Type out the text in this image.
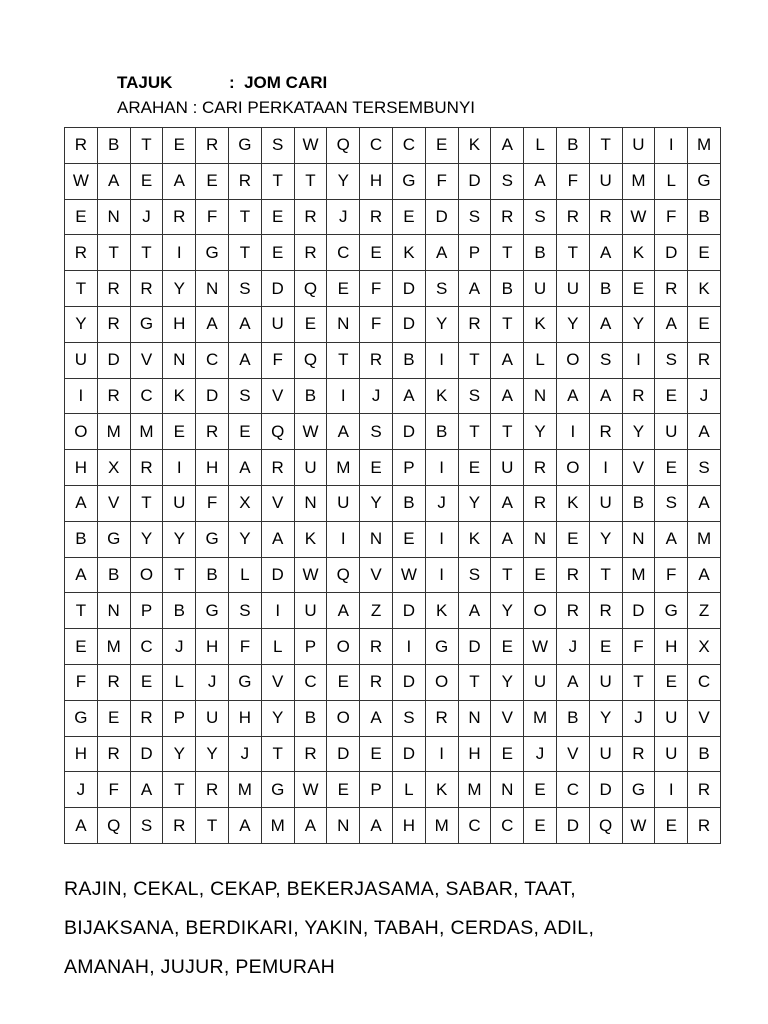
TAJUK	:  JOM CARI
ARAHAN : CARI PERKATAAN TERSEMBUNYI
R	B	T	E	R	G	S	W	Q	C	C	E	K	A	L	B	T	U	I	M
W	A	E	A	E	R	T	T	Y	H	G	F	D	S	A	F	U	M	L	G
E	N	J	R	F	T	E	R	J	R	E	D	S	R	S	R	R	W	F	B
R	T	T	I	G	T	E	R	C	E	K	A	P	T	B	T	A	K	D	E
T	R	R	Y	N	S	D	Q	E	F	D	S	A	B	U	U	B	E	R	K
Y	R	G	H	A	A	U	E	N	F	D	Y	R	T	K	Y	A	Y	A	E
U	D	V	N	C	A	F	Q	T	R	B	I	T	A	L	O	S	I	S	R
I	R	C	K	D	S	V	B	I	J	A	K	S	A	N	A	A	R	E	J
O	M	M	E	R	E	Q	W	A	S	D	B	T	T	Y	I	R	Y	U	A
H	X	R	I	H	A	R	U	M	E	P	I	E	U	R	O	I	V	E	S
A	V	T	U	F	X	V	N	U	Y	B	J	Y	A	R	K	U	B	S	A
B	G	Y	Y	G	Y	A	K	I	N	E	I	K	A	N	E	Y	N	A	M
A	B	O	T	B	L	D	W	Q	V	W	I	S	T	E	R	T	M	F	A
T	N	P	B	G	S	I	U	A	Z	D	K	A	Y	O	R	R	D	G	Z
E	M	C	J	H	F	L	P	O	R	I	G	D	E	W	J	E	F	H	X
F	R	E	L	J	G	V	C	E	R	D	O	T	Y	U	A	U	T	E	C
G	E	R	P	U	H	Y	B	O	A	S	R	N	V	M	B	Y	J	U	V
H	R	D	Y	Y	J	T	R	D	E	D	I	H	E	J	V	U	R	U	B
J	F	A	T	R	M	G	W	E	P	L	K	M	N	E	C	D	G	I	R
A	Q	S	R	T	A	M	A	N	A	H	M	C	C	E	D	Q	W	E	R
RAJIN, CEKAL, CEKAP, BEKERJASAMA, SABAR, TAAT,
BIJAKSANA, BERDIKARI, YAKIN, TABAH, CERDAS, ADIL,
AMANAH, JUJUR, PEMURAH
